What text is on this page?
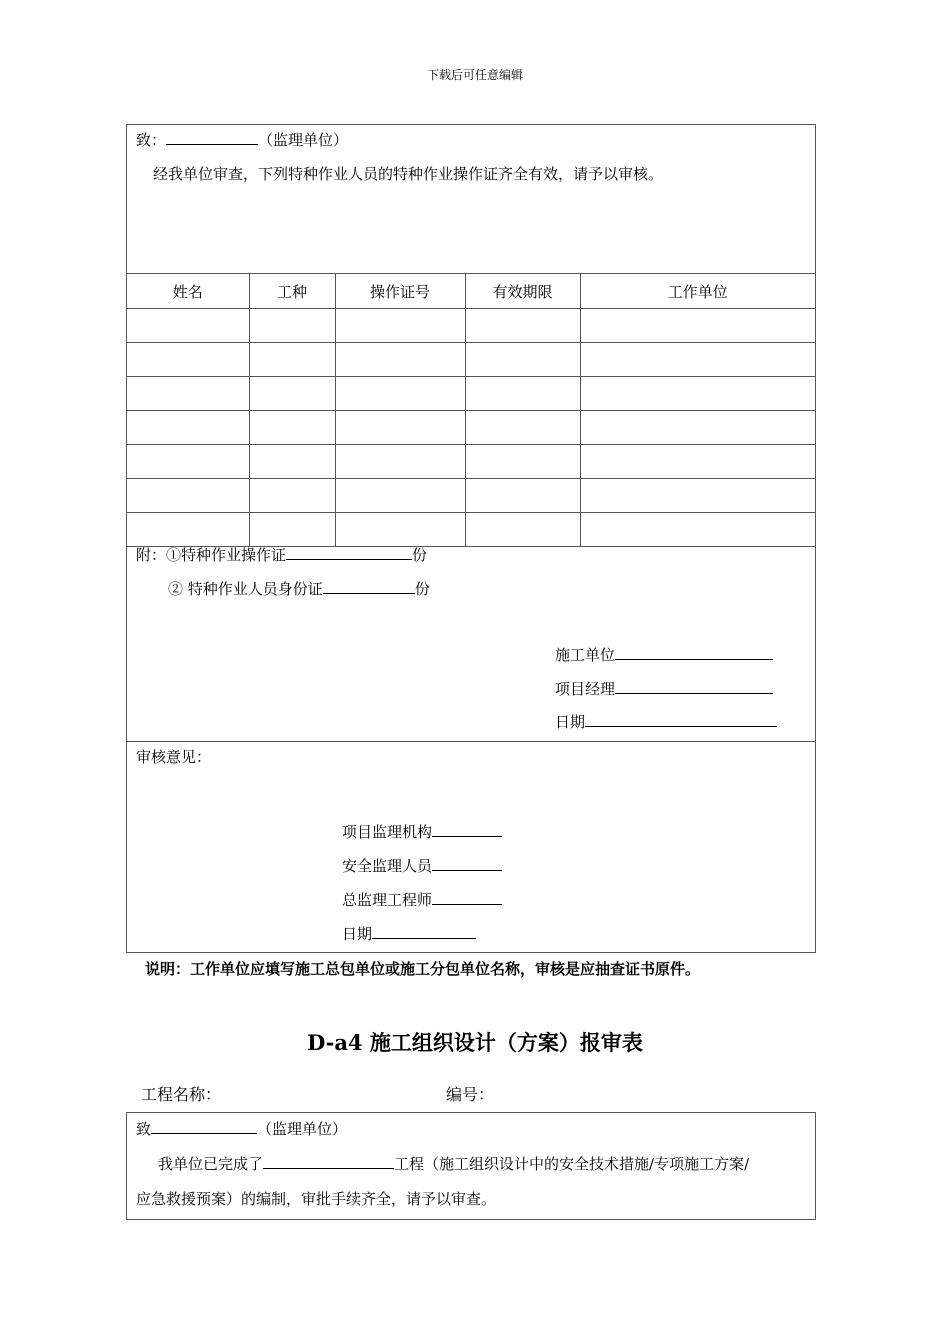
下载后可任意编辑
致：	（监理单位）
经我单位审查，下列特种作业人员的特种作业操作证齐全有效，请予以审核。
姓名	工种	操作证号	有效期限	工作单位

附：①特种作业操作证	份
② 特种作业人员身份证	份
施工单位
项目经理
日期
审核意见：
项目监理机构
安全监理人员
总监理工程师
日期
说明：工作单位应填写施工总包单位或施工分包单位名称，审核是应抽查证书原件。
D-a4 施工组织设计（方案）报审表
工程名称：	编号：
致	（监理单位）
我单位已完成了	工程（施工组织设计中的安全技术措施/专项施工方案/
应急救援预案）的编制，审批手续齐全，请予以审查。
